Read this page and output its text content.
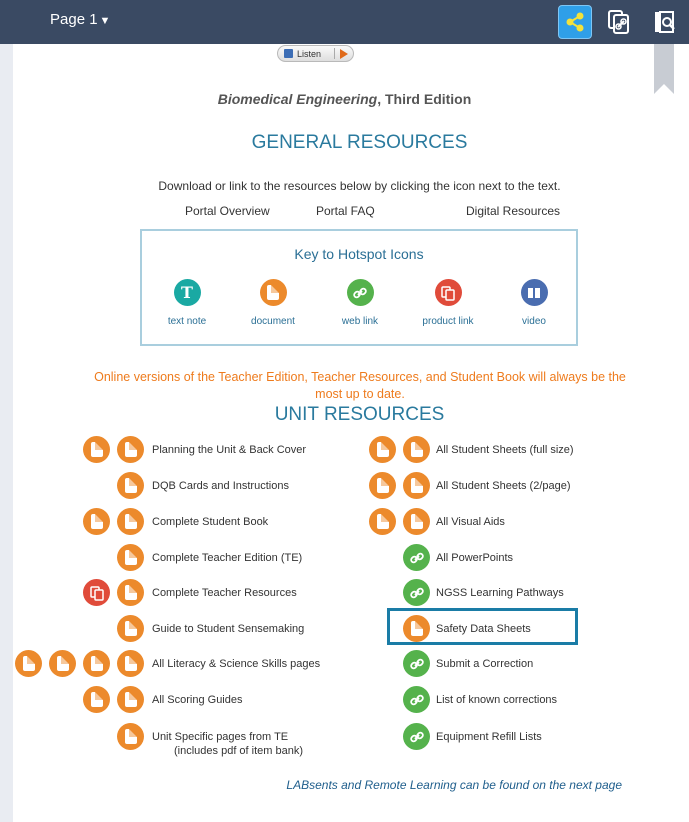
Page 1 ▼
Listen
Biomedical Engineering, Third Edition
GENERAL RESOURCES
Download or link to the resources below by clicking the icon next to the text.
Portal Overview	Portal FAQ	Digital Resources
Key to Hotspot Icons
T
text note	document	web link	product link	video
Online versions of the Teacher Edition, Teacher Resources, and Student Book will always be the most up to date.
UNIT RESOURCES
Planning the Unit & Back Cover
DQB Cards and Instructions
Complete Student Book
Complete Teacher Edition (TE)
Complete Teacher Resources
Guide to Student Sensemaking
All Literacy & Science Skills pages
All Scoring Guides
Unit Specific pages from TE
(includes pdf of item bank)
All Student Sheets (full size)
All Student Sheets (2/page)
All Visual Aids
All PowerPoints
NGSS Learning Pathways
Safety Data Sheets
Submit a Correction
List of known corrections
Equipment Refill Lists
LABsents and Remote Learning can be found on the next page
